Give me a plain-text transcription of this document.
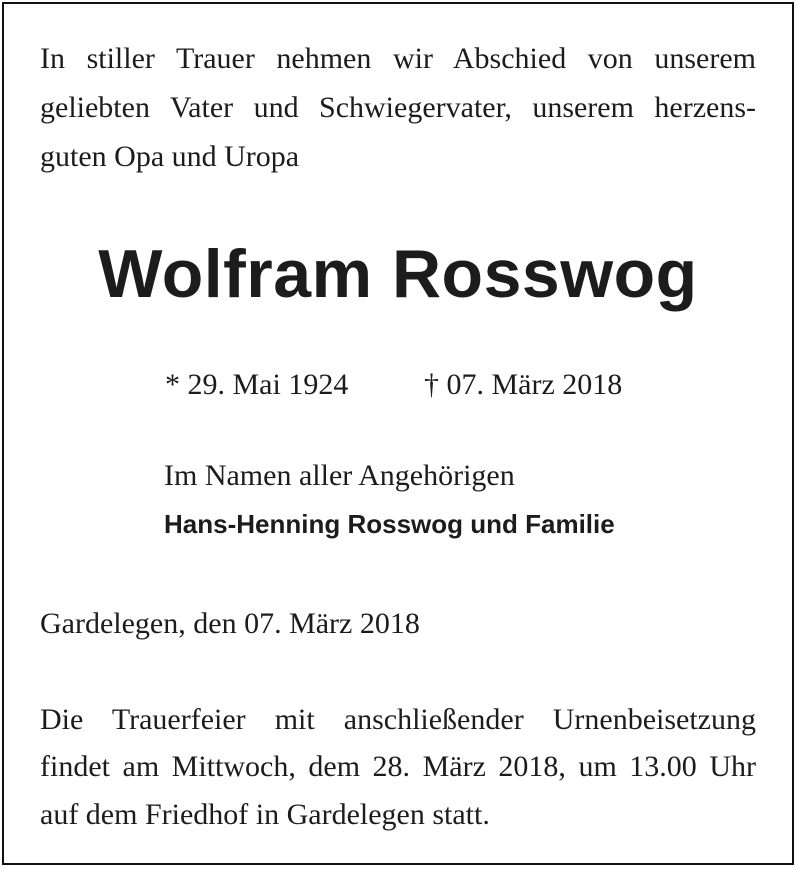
In stiller Trauer nehmen wir Abschied von unserem
geliebten Vater und Schwiegervater, unserem herzens-
guten Opa und Uropa
Wolfram Rosswog
* 29. Mai 1924	† 07. März 2018
Im Namen aller Angehörigen
Hans-Henning Rosswog und Familie
Gardelegen, den 07. März 2018
Die Trauerfeier mit anschließender Urnenbeisetzung
findet am Mittwoch, dem 28. März 2018, um 13.00 Uhr
auf dem Friedhof in Gardelegen statt.
